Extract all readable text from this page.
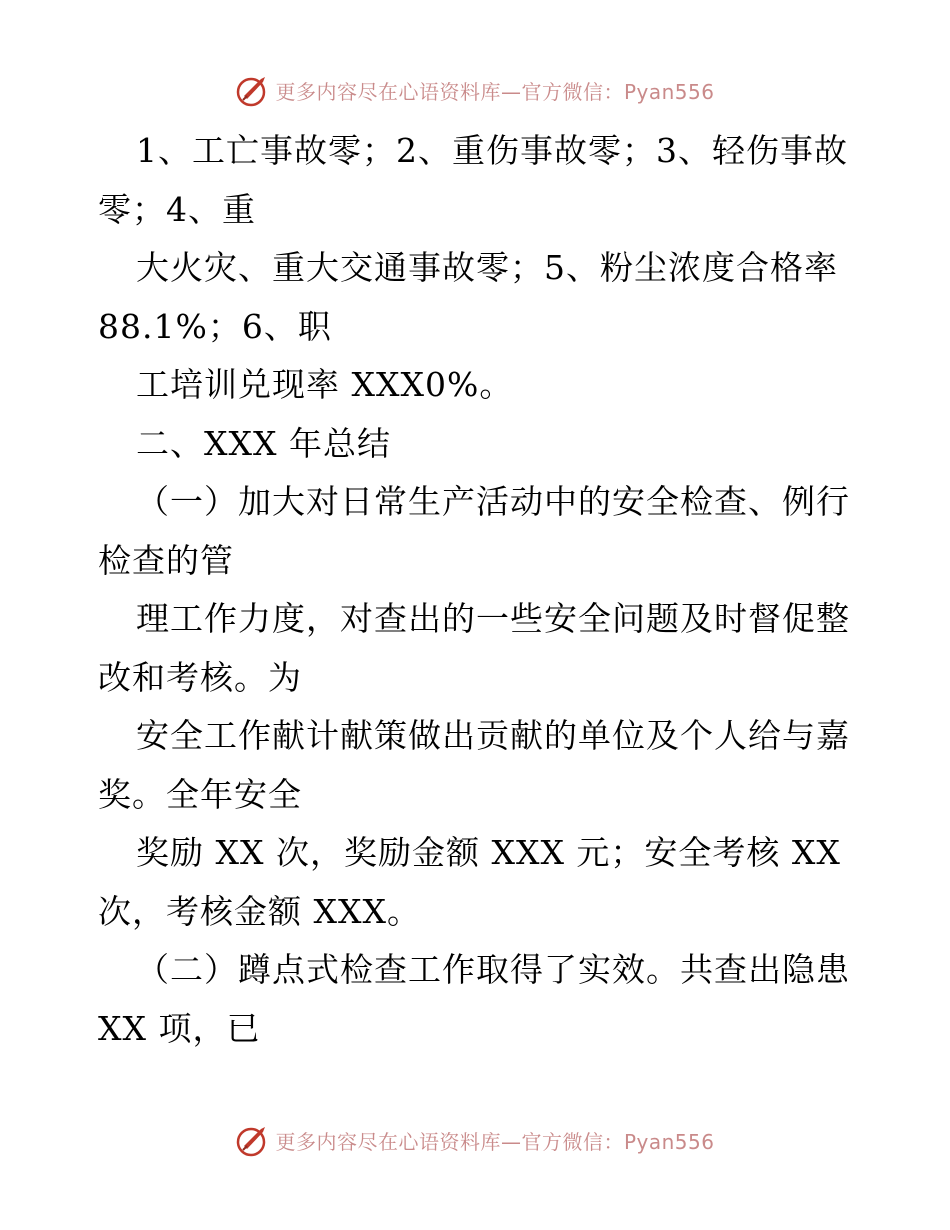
更多内容尽在心语资料库—官方微信：Pyan556
1、工亡事故零；2、重伤事故零；3、轻伤事故
零；4、重
大火灾、重大交通事故零；5、粉尘浓度合格率
88.1%；6、职
工培训兑现率 XXX0%。
二、XXX 年总结
（一）加大对日常生产活动中的安全检查、例行
检查的管
理工作力度，对查出的一些安全问题及时督促整
改和考核。为
安全工作献计献策做出贡献的单位及个人给与嘉
奖。全年安全
奖励 XX 次，奖励金额 XXX 元；安全考核 XX
次，考核金额 XXX。
（二）蹲点式检查工作取得了实效。共查出隐患
XX 项，已
更多内容尽在心语资料库—官方微信：Pyan556
